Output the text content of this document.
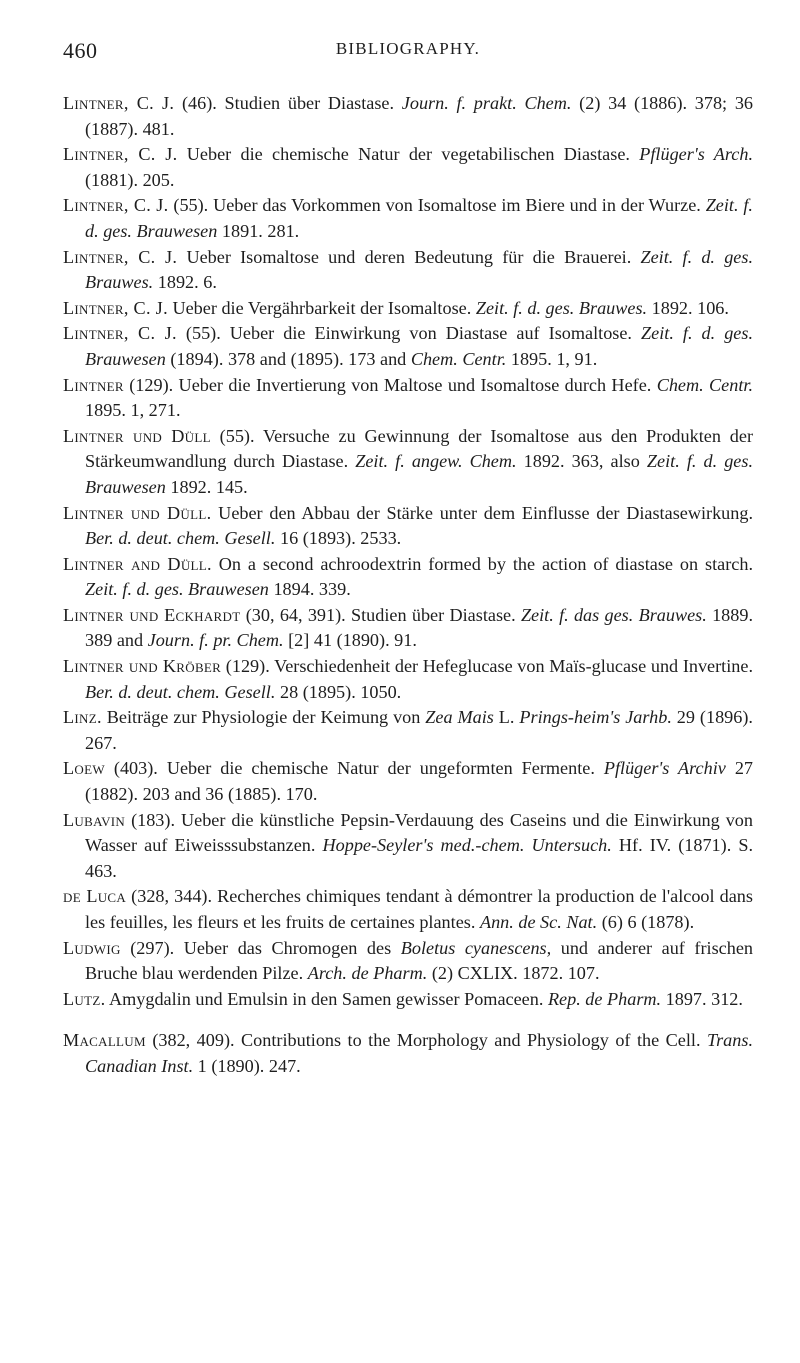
460	BIBLIOGRAPHY.

Lintner, C. J. (46). Studien über Diastase. Journ. f. prakt. Chem. (2) 34 (1886). 378; 36 (1887). 481.

Lintner, C. J. Ueber die chemische Natur der vegetabilischen Diastase. Pflüger's Arch. (1881). 205.

Lintner, C. J. (55). Ueber das Vorkommen von Isomaltose im Biere und in der Wurze. Zeit. f. d. ges. Brauwesen 1891. 281.

Lintner, C. J. Ueber Isomaltose und deren Bedeutung für die Brauerei. Zeit. f. d. ges. Brauwes. 1892. 6.

Lintner, C. J. Ueber die Vergährbarkeit der Isomaltose. Zeit. f. d. ges. Brauwes. 1892. 106.

Lintner, C. J. (55). Ueber die Einwirkung von Diastase auf Isomaltose. Zeit. f. d. ges. Brauwesen (1894). 378 and (1895). 173 and Chem. Centr. 1895. 1, 91.

Lintner (129). Ueber die Invertierung von Maltose und Isomaltose durch Hefe. Chem. Centr. 1895. 1, 271.

Lintner und Düll (55). Versuche zu Gewinnung der Isomaltose aus den Produkten der Stärkeumwandlung durch Diastase. Zeit. f. angew. Chem. 1892. 363, also Zeit. f. d. ges. Brauwesen 1892. 145.

Lintner und Düll. Ueber den Abbau der Stärke unter dem Einflusse der Diastasewirkung. Ber. d. deut. chem. Gesell. 16 (1893). 2533.

Lintner and Düll. On a second achroodextrin formed by the action of diastase on starch. Zeit. f. d. ges. Brauwesen 1894. 339.

Lintner und Eckhardt (30, 64, 391). Studien über Diastase. Zeit. f. das ges. Brauwes. 1889. 389 and Journ. f. pr. Chem. [2] 41 (1890). 91.

Lintner und Kröber (129). Verschiedenheit der Hefeglucase von Maïs-glucase und Invertine. Ber. d. deut. chem. Gesell. 28 (1895). 1050.

Linz. Beiträge zur Physiologie der Keimung von Zea Mais L. Prings-heim's Jarhb. 29 (1896). 267.

Loew (403). Ueber die chemische Natur der ungeformten Fermente. Pflüger's Archiv 27 (1882). 203 and 36 (1885). 170.

Lubavin (183). Ueber die künstliche Pepsin-Verdauung des Caseins und die Einwirkung von Wasser auf Eiweisssubstanzen. Hoppe-Seyler's med.-chem. Untersuch. Hf. IV. (1871). S. 463.

de Luca (328, 344). Recherches chimiques tendant à démontrer la production de l'alcool dans les feuilles, les fleurs et les fruits de certaines plantes. Ann. de Sc. Nat. (6) 6 (1878).

Ludwig (297). Ueber das Chromogen des Boletus cyanescens, und anderer auf frischen Bruche blau werdenden Pilze. Arch. de Pharm. (2) CXLIX. 1872. 107.

Lutz. Amygdalin und Emulsin in den Samen gewisser Pomaceen. Rep. de Pharm. 1897. 312.

Macallum (382, 409). Contributions to the Morphology and Physiology of the Cell. Trans. Canadian Inst. 1 (1890). 247.
